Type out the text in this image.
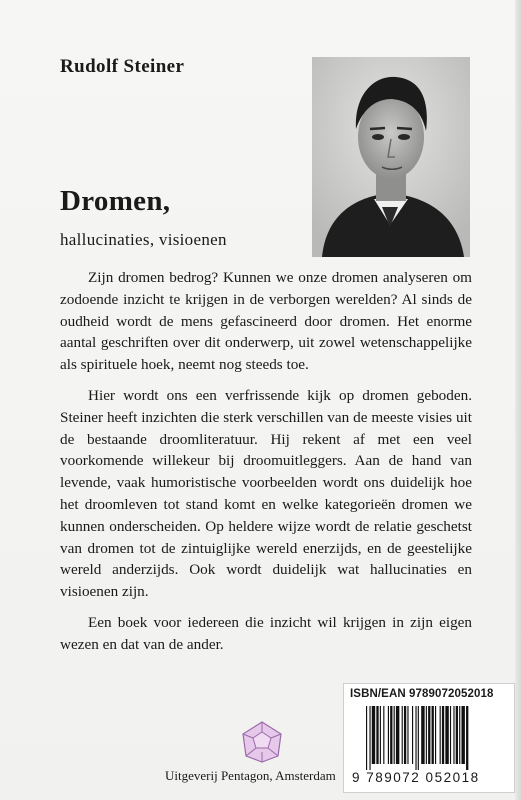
Rudolf Steiner
Dromen,
hallucinaties, visioenen

Zijn dromen bedrog? Kunnen we onze dromen analyseren om zodoende inzicht te krijgen in de verborgen werelden? Al sinds de oudheid wordt de mens gefascineerd door dromen. Het enorme aantal geschriften over dit onderwerp, uit zowel wetenschappelijke als spirituele hoek, neemt nog steeds toe.

Hier wordt ons een verfrissende kijk op dromen geboden. Steiner heeft inzichten die sterk verschillen van de meeste visies uit de bestaande droomliteratuur. Hij rekent af met een veel voorkomende willekeur bij droomuitleggers. Aan de hand van levende, vaak humoristische voorbeelden wordt ons duidelijk hoe het droomleven tot stand komt en welke kategorieën dromen we kunnen onderscheiden. Op heldere wijze wordt de relatie geschetst van dromen tot de zintuiglijke wereld enerzijds, en de geestelijke wereld anderzijds. Ook wordt duidelijk wat hallucinaties en visioenen zijn.

Een boek voor iedereen die inzicht wil krijgen in zijn eigen wezen en dat van de ander.

Uitgeverij Pentagon, Amsterdam
ISBN/EAN 9789072052018
9 789072 052018
